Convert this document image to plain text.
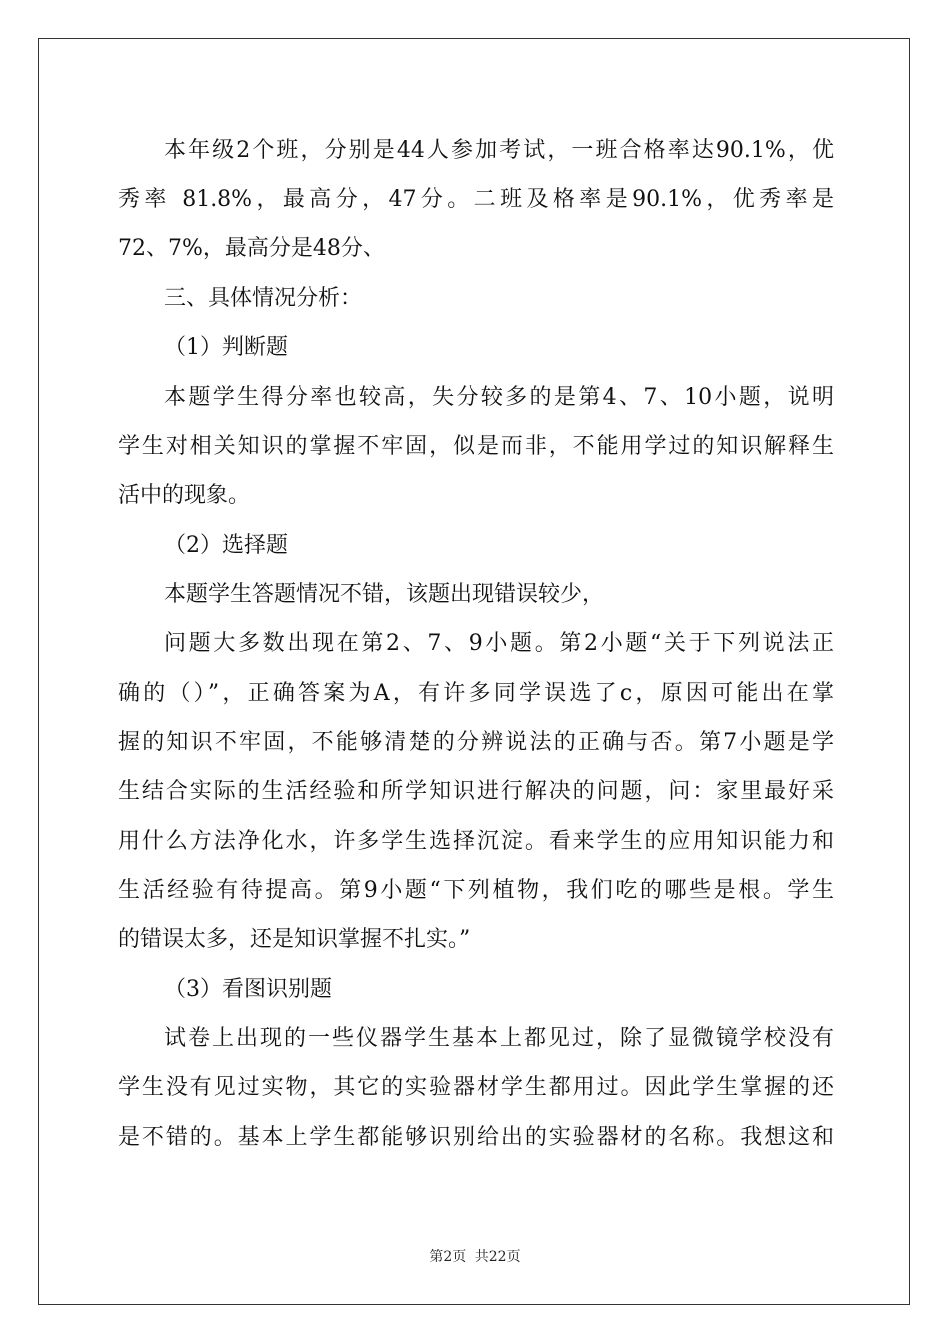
本年级2个班，分别是44人参加考试，一班合格率达90.1%，优
秀率 81.8%，最高分，47分。二班及格率是90.1%，优秀率是
72、7%，最高分是48分、
三、具体情况分析：
（1）判断题
本题学生得分率也较高，失分较多的是第4、7、10小题，说明
学生对相关知识的掌握不牢固，似是而非，不能用学过的知识解释生
活中的现象。
（2）选择题
本题学生答题情况不错，该题出现错误较少，
问题大多数出现在第2、7、9小题。第2小题“关于下列说法正
确的（）”，正确答案为A，有许多同学误选了c，原因可能出在掌
握的知识不牢固，不能够清楚的分辨说法的正确与否。第7小题是学
生结合实际的生活经验和所学知识进行解决的问题，问：家里最好采
用什么方法净化水，许多学生选择沉淀。看来学生的应用知识能力和
生活经验有待提高。第9小题“下列植物，我们吃的哪些是根。学生
的错误太多，还是知识掌握不扎实。”
（3）看图识别题
试卷上出现的一些仪器学生基本上都见过，除了显微镜学校没有
学生没有见过实物，其它的实验器材学生都用过。因此学生掌握的还
是不错的。基本上学生都能够识别给出的实验器材的名称。我想这和
第2页 共22页
